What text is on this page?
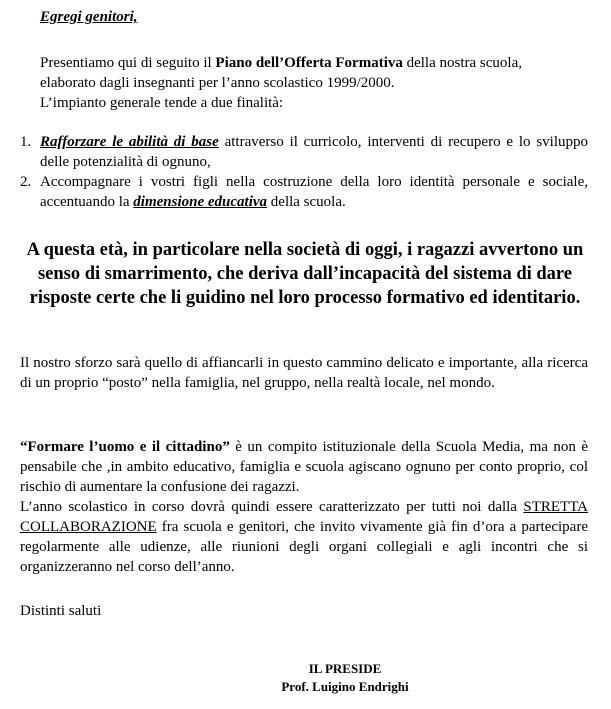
Egregi genitori,
Presentiamo qui di seguito il Piano dell’Offerta Formativa della nostra scuola,
elaborato dagli insegnanti per l’anno scolastico 1999/2000.
L’impianto generale tende a due finalità:
1. Rafforzare le abilità di base attraverso il curricolo, interventi di recupero e lo sviluppo delle potenzialità di ognuno,
2. Accompagnare i vostri figli nella costruzione della loro identità personale e sociale, accentuando la dimensione educativa della scuola.
A questa età, in particolare nella società di oggi, i ragazzi avvertono un senso di smarrimento, che deriva dall’incapacità del sistema di dare risposte certe che li guidino nel loro processo formativo ed identitario.
Il nostro sforzo sarà quello di affiancarli in questo cammino delicato e importante, alla ricerca di un proprio “posto” nella famiglia, nel gruppo, nella realtà locale, nel mondo.
“Formare l’uomo e il cittadino” è un compito istituzionale della Scuola Media, ma non è pensabile che ,in ambito educativo, famiglia e scuola agiscano ognuno per conto proprio, col rischio di aumentare la confusione dei ragazzi.
L’anno scolastico in corso dovrà quindi essere caratterizzato per tutti noi dalla STRETTA COLLABORAZIONE fra scuola e genitori, che invito vivamente già fin d’ora a partecipare regolarmente alle udienze, alle riunioni degli organi collegiali e agli incontri che si organizzeranno nel corso dell’anno.
Distinti saluti
IL PRESIDE
Prof. Luigino Endrighi
